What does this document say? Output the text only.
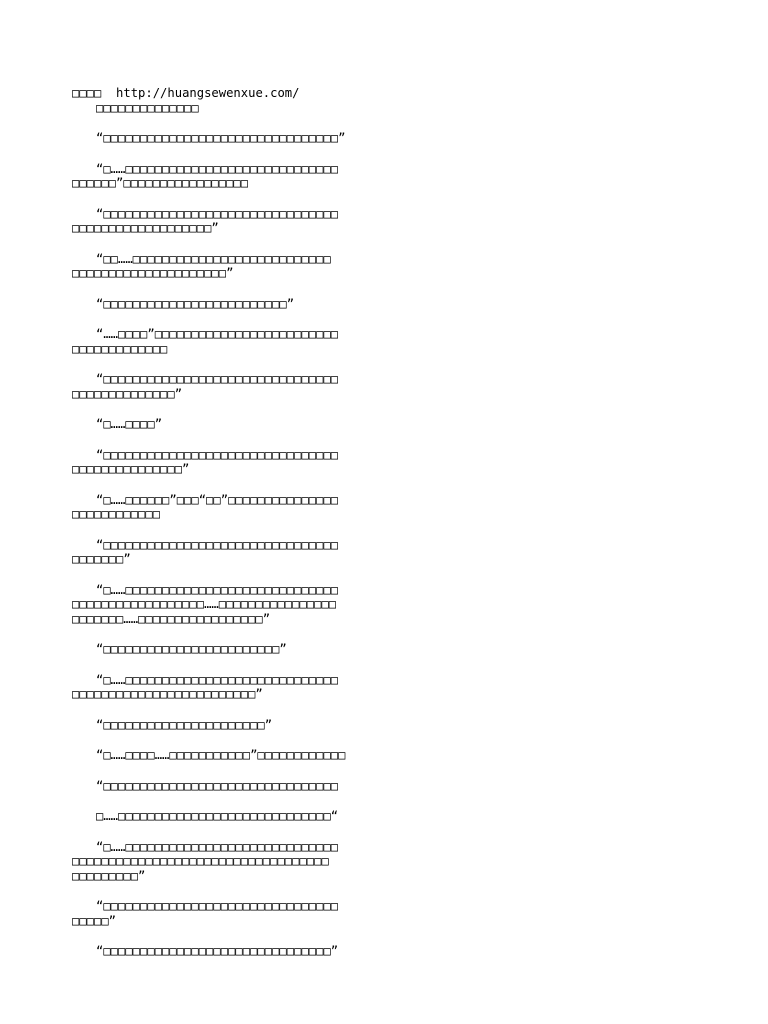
□□□□  http://huangsewenxue.com/
□□□□□□□□□□□□□□
“□□□□□□□□□□□□□□□□□□□□□□□□□□□□□□□□”
“□……□□□□□□□□□□□□□□□□□□□□□□□□□□□□□
□□□□□□”□□□□□□□□□□□□□□□□□
“□□□□□□□□□□□□□□□□□□□□□□□□□□□□□□□□
□□□□□□□□□□□□□□□□□□□”
“□□……□□□□□□□□□□□□□□□□□□□□□□□□□□□
□□□□□□□□□□□□□□□□□□□□□”
“□□□□□□□□□□□□□□□□□□□□□□□□□”
“……□□□□”□□□□□□□□□□□□□□□□□□□□□□□□□
□□□□□□□□□□□□□
“□□□□□□□□□□□□□□□□□□□□□□□□□□□□□□□□
□□□□□□□□□□□□□□”
“□……□□□□”
“□□□□□□□□□□□□□□□□□□□□□□□□□□□□□□□□
□□□□□□□□□□□□□□□”
“□……□□□□□□”□□□“□□”□□□□□□□□□□□□□□□
□□□□□□□□□□□□
“□□□□□□□□□□□□□□□□□□□□□□□□□□□□□□□□
□□□□□□□”
“□……□□□□□□□□□□□□□□□□□□□□□□□□□□□□□
□□□□□□□□□□□□□□□□□□……□□□□□□□□□□□□□□□□
□□□□□□□……□□□□□□□□□□□□□□□□□”
“□□□□□□□□□□□□□□□□□□□□□□□□”
“□……□□□□□□□□□□□□□□□□□□□□□□□□□□□□□
□□□□□□□□□□□□□□□□□□□□□□□□□”
“□□□□□□□□□□□□□□□□□□□□□□”
“□……□□□□……□□□□□□□□□□□”□□□□□□□□□□□□
“□□□□□□□□□□□□□□□□□□□□□□□□□□□□□□□□
□……□□□□□□□□□□□□□□□□□□□□□□□□□□□□□“
“□……□□□□□□□□□□□□□□□□□□□□□□□□□□□□□
□□□□□□□□□□□□□□□□□□□□□□□□□□□□□□□□□□□
□□□□□□□□□”
“□□□□□□□□□□□□□□□□□□□□□□□□□□□□□□□□
□□□□□”
“□□□□□□□□□□□□□□□□□□□□□□□□□□□□□□□”
